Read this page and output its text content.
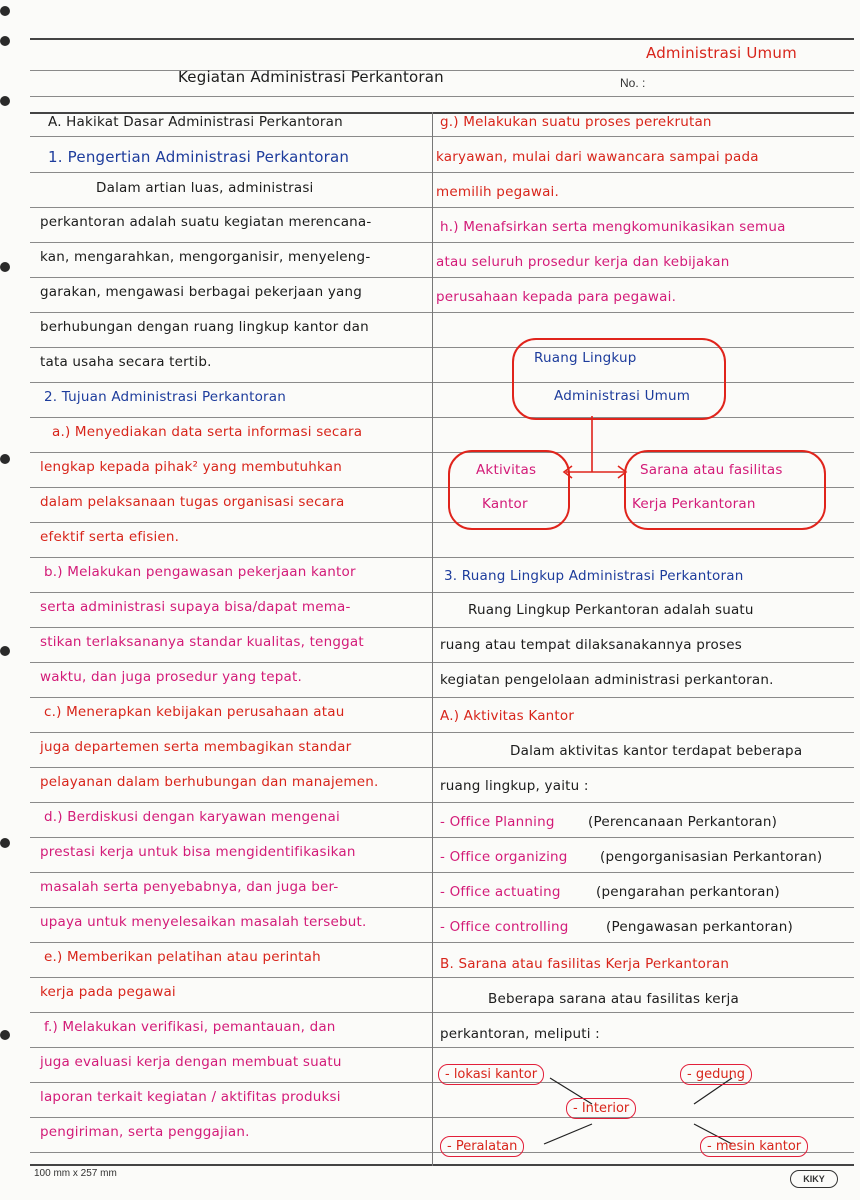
Administrasi Umum
No. :
Kegiatan Administrasi Perkantoran
A. Hakikat Dasar Administrasi Perkantoran
1. Pengertian Administrasi Perkantoran
Dalam artian luas, administrasi
perkantoran adalah suatu kegiatan merencana-
kan, mengarahkan, mengorganisir, menyeleng-
garakan, mengawasi berbagai pekerjaan yang
berhubungan dengan ruang lingkup kantor dan
tata usaha secara tertib.
2. Tujuan Administrasi Perkantoran
a.) Menyediakan data serta informasi secara
lengkap kepada pihak² yang membutuhkan
dalam pelaksanaan tugas organisasi secara
efektif serta efisien.
b.) Melakukan pengawasan pekerjaan kantor
serta administrasi supaya bisa/dapat mema-
stikan terlaksananya standar kualitas, tenggat
waktu, dan juga prosedur yang tepat.
c.) Menerapkan kebijakan perusahaan atau
juga departemen serta membagikan standar
pelayanan dalam berhubungan dan manajemen.
d.) Berdiskusi dengan karyawan mengenai
prestasi kerja untuk bisa mengidentifikasikan
masalah serta penyebabnya, dan juga ber-
upaya untuk menyelesaikan masalah tersebut.
e.) Memberikan pelatihan atau perintah
kerja pada pegawai
f.) Melakukan verifikasi, pemantauan, dan
juga evaluasi kerja dengan membuat suatu
laporan terkait kegiatan / aktifitas produksi
pengiriman, serta penggajian.
g.) Melakukan suatu proses perekrutan
karyawan, mulai dari wawancara sampai pada
memilih pegawai.
h.) Menafsirkan serta mengkomunikasikan semua
atau seluruh prosedur kerja dan kebijakan
perusahaan kepada para pegawai.
Ruang Lingkup
Administrasi Umum
Aktivitas
Kantor
Sarana atau fasilitas
Kerja Perkantoran
3. Ruang Lingkup Administrasi Perkantoran
Ruang Lingkup Perkantoran adalah suatu
ruang atau tempat dilaksanakannya proses
kegiatan pengelolaan administrasi perkantoran.
A.) Aktivitas Kantor
Dalam aktivitas kantor terdapat beberapa
ruang lingkup, yaitu :
- Office Planning (Perencanaan Perkantoran)
- Office organizing (pengorganisasian Perkantoran)
- Office actuating	(pengarahan perkantoran)
- Office controlling	(Pengawasan perkantoran)
B. Sarana atau fasilitas Kerja Perkantoran
Beberapa sarana atau fasilitas kerja
perkantoran, meliputi :
- lokasi kantor	- gedung
- Interior
- Peralatan	- mesin kantor
100 mm x 257 mm	KIKY
